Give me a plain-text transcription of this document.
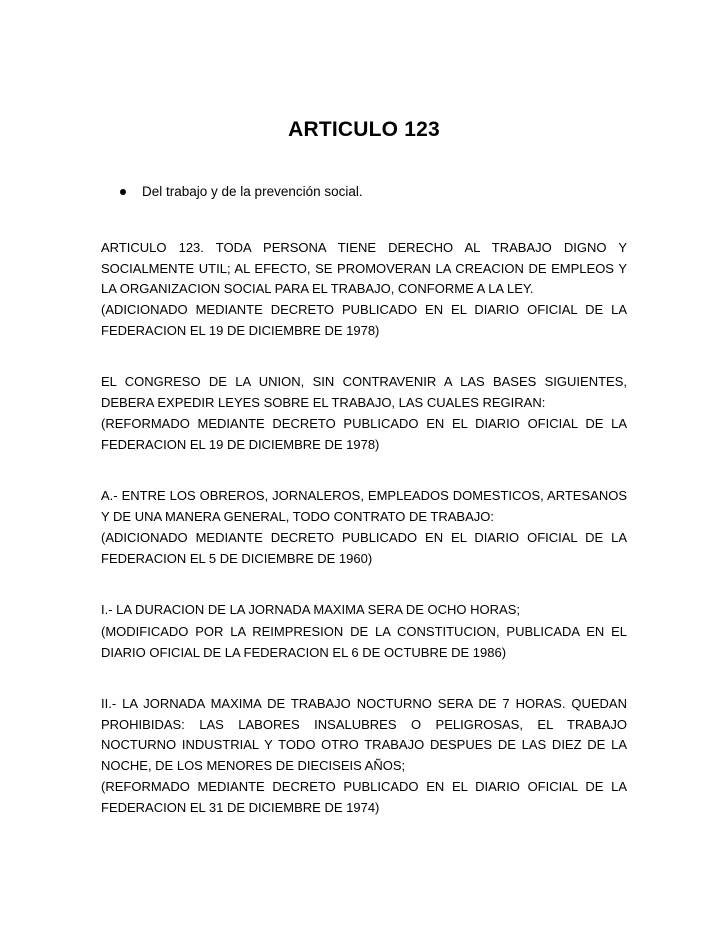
ARTICULO 123
Del trabajo y de la prevención social.

ARTICULO 123. TODA PERSONA TIENE DERECHO AL TRABAJO DIGNO Y SOCIALMENTE UTIL; AL EFECTO, SE PROMOVERAN LA CREACION DE EMPLEOS Y LA ORGANIZACION SOCIAL PARA EL TRABAJO, CONFORME A LA LEY.

(ADICIONADO MEDIANTE DECRETO PUBLICADO EN EL DIARIO OFICIAL DE LA FEDERACION EL 19 DE DICIEMBRE DE 1978)

EL CONGRESO DE LA UNION, SIN CONTRAVENIR A LAS BASES SIGUIENTES, DEBERA EXPEDIR LEYES SOBRE EL TRABAJO, LAS CUALES REGIRAN:

(REFORMADO MEDIANTE DECRETO PUBLICADO EN EL DIARIO OFICIAL DE LA FEDERACION EL 19 DE DICIEMBRE DE 1978)

A.- ENTRE LOS OBREROS, JORNALEROS, EMPLEADOS DOMESTICOS, ARTESANOS Y DE UNA MANERA GENERAL, TODO CONTRATO DE TRABAJO:

(ADICIONADO MEDIANTE DECRETO PUBLICADO EN EL DIARIO OFICIAL DE LA FEDERACION EL 5 DE DICIEMBRE DE 1960)

I.- LA DURACION DE LA JORNADA MAXIMA SERA DE OCHO HORAS;

(MODIFICADO POR LA REIMPRESION DE LA CONSTITUCION, PUBLICADA EN EL DIARIO OFICIAL DE LA FEDERACION EL 6 DE OCTUBRE DE 1986)

II.- LA JORNADA MAXIMA DE TRABAJO NOCTURNO SERA DE 7 HORAS. QUEDAN PROHIBIDAS: LAS LABORES INSALUBRES O PELIGROSAS, EL TRABAJO NOCTURNO INDUSTRIAL Y TODO OTRO TRABAJO DESPUES DE LAS DIEZ DE LA NOCHE, DE LOS MENORES DE DIECISEIS AÑOS;

(REFORMADO MEDIANTE DECRETO PUBLICADO EN EL DIARIO OFICIAL DE LA FEDERACION EL 31 DE DICIEMBRE DE 1974)
